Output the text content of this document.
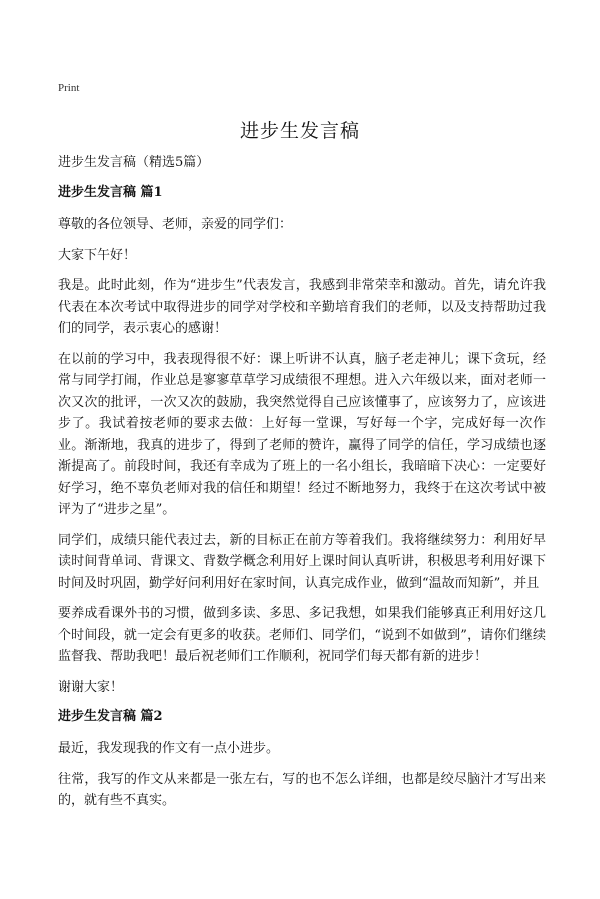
Print
进步生发言稿

进步生发言稿（精选5篇）

进步生发言稿 篇1

尊敬的各位领导、老师，亲爱的同学们：

大家下午好！

我是。此时此刻，作为“进步生”代表发言，我感到非常荣幸和激动。首先，请允许我代表在本次考试中取得进步的同学对学校和辛勤培育我们的老师，以及支持帮助过我们的同学，表示衷心的感谢！

在以前的学习中，我表现得很不好：课上听讲不认真，脑子老走神儿；课下贪玩，经常与同学打闹，作业总是寥寥草草学习成绩很不理想。进入六年级以来，面对老师一次又次的批评，一次又次的鼓励，我突然觉得自己应该懂事了，应该努力了，应该进步了。我试着按老师的要求去做：上好每一堂课，写好每一个字，完成好每一次作业。渐渐地，我真的进步了，得到了老师的赞许，赢得了同学的信任，学习成绩也逐渐提高了。前段时间，我还有幸成为了班上的一名小组长，我暗暗下决心：一定要好好学习，绝不辜负老师对我的信任和期望！经过不断地努力，我终于在这次考试中被评为了“进步之星”。

同学们，成绩只能代表过去，新的目标正在前方等着我们。我将继续努力：利用好早读时间背单词、背课文、背数学概念利用好上课时间认真听讲，积极思考利用好课下时间及时巩固，勤学好问利用好在家时间，认真完成作业，做到“温故而知新”，并且

要养成看课外书的习惯，做到多读、多思、多记我想，如果我们能够真正利用好这几个时间段，就一定会有更多的收获。老师们、同学们，“说到不如做到”，请你们继续监督我、帮助我吧！最后祝老师们工作顺利，祝同学们每天都有新的进步！

谢谢大家！

进步生发言稿 篇2

最近，我发现我的作文有一点小进步。

往常，我写的作文从来都是一张左右，写的也不怎么详细，也都是绞尽脑汁才写出来的，就有些不真实。
